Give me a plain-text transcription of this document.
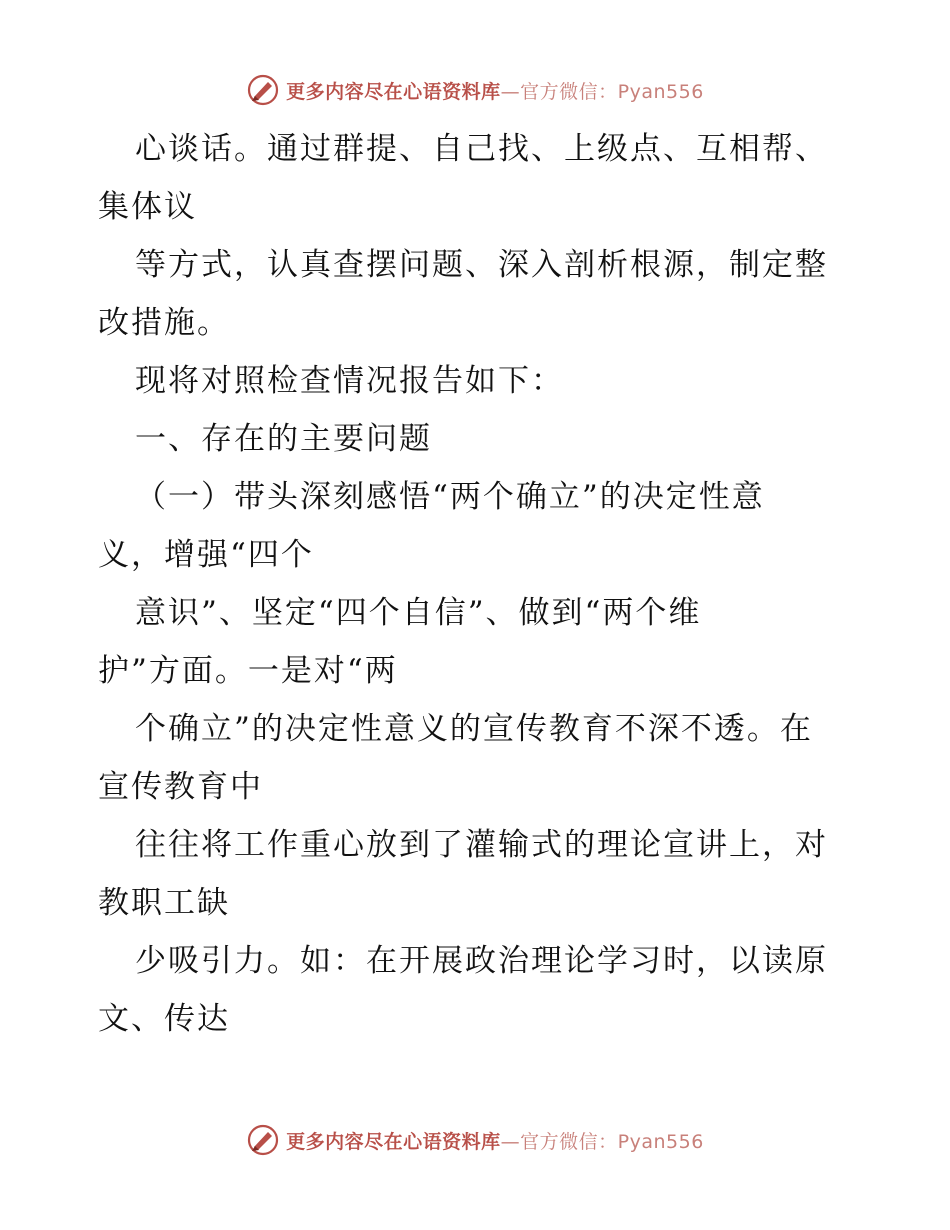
更多内容尽在心语资料库—官方微信：Pyan556
心谈话。通过群提、自己找、上级点、互相帮、
集体议
等方式，认真查摆问题、深入剖析根源，制定整
改措施。
现将对照检查情况报告如下：
一、存在的主要问题
（一）带头深刻感悟“两个确立”的决定性意
义，增强“四个
意识”、坚定“四个自信”、做到“两个维
护”方面。一是对“两
个确立”的决定性意义的宣传教育不深不透。在
宣传教育中
往往将工作重心放到了灌输式的理论宣讲上，对
教职工缺
少吸引力。如：在开展政治理论学习时，以读原
文、传达
更多内容尽在心语资料库—官方微信：Pyan556
